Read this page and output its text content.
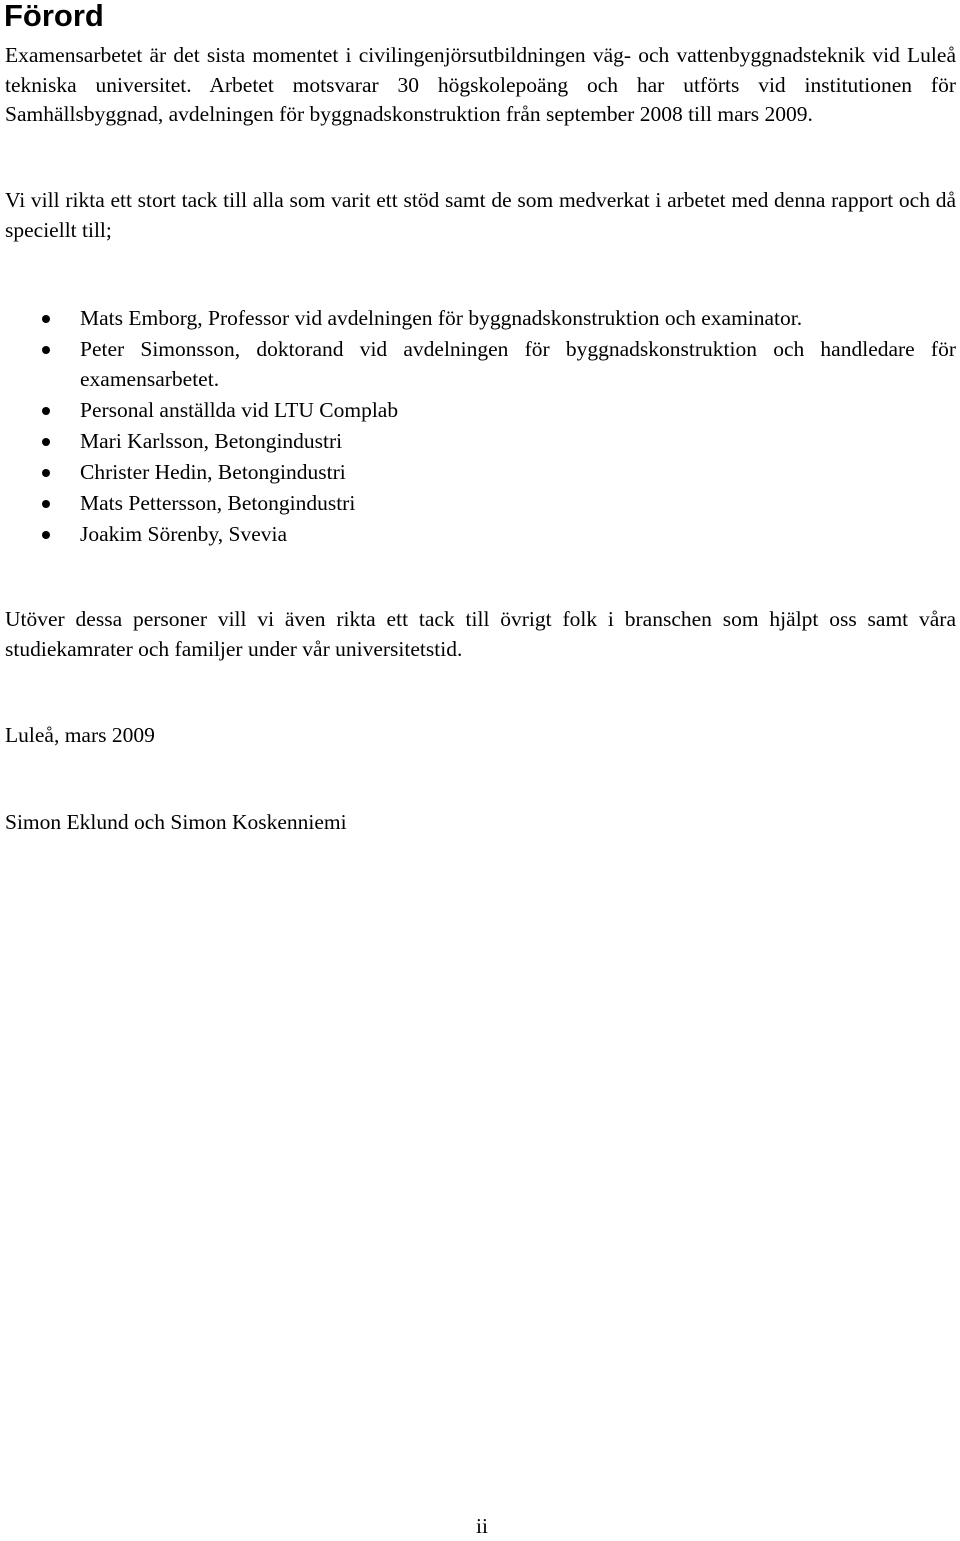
Förord

Examensarbetet är det sista momentet i civilingenjörsutbildningen väg- och vattenbyggnadsteknik vid Luleå tekniska universitet. Arbetet motsvarar 30 högskolepoäng och har utförts vid institutionen för Samhällsbyggnad, avdelningen för byggnadskonstruktion från september 2008 till mars 2009.

Vi vill rikta ett stort tack till alla som varit ett stöd samt de som medverkat i arbetet med denna rapport och då speciellt till;

Mats Emborg, Professor vid avdelningen för byggnadskonstruktion och examinator.
Peter Simonsson, doktorand vid avdelningen för byggnadskonstruktion och handledare för examensarbetet.
Personal anställda vid LTU Complab
Mari Karlsson, Betongindustri
Christer Hedin, Betongindustri
Mats Pettersson, Betongindustri
Joakim Sörenby, Svevia

Utöver dessa personer vill vi även rikta ett tack till övrigt folk i branschen som hjälpt oss samt våra studiekamrater och familjer under vår universitetstid.

Luleå, mars 2009

Simon Eklund och Simon Koskenniemi

ii
